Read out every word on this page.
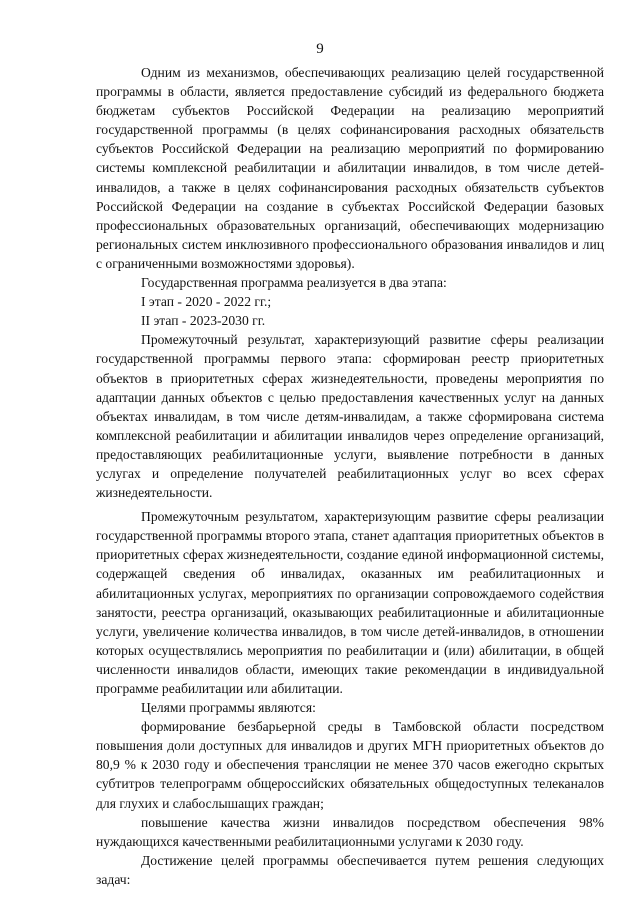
9

Одним из механизмов, обеспечивающих реализацию целей государственной программы в области, является предоставление субсидий из федерального бюджета бюджетам субъектов Российской Федерации на реализацию мероприятий государственной программы (в целях софинансирования расходных обязательств субъектов Российской Федерации на реализацию мероприятий по формированию системы комплексной реабилитации и абилитации инвалидов, в том числе детей-инвалидов, а также в целях софинансирования расходных обязательств субъектов Российской Федерации на создание в субъектах Российской Федерации базовых профессиональных образовательных организаций, обеспечивающих модернизацию региональных систем инклюзивного профессионального образования инвалидов и лиц с ограниченными возможностями здоровья).

Государственная программа реализуется в два этапа:

I этап - 2020 - 2022 гг.;

II этап - 2023-2030 гг.

Промежуточный результат, характеризующий развитие сферы реализации государственной программы первого этапа: сформирован реестр приоритетных объектов в приоритетных сферах жизнедеятельности, проведены мероприятия по адаптации данных объектов с целью предоставления качественных услуг на данных объектах инвалидам, в том числе детям-инвалидам, а также сформирована система комплексной реабилитации и абилитации инвалидов через определение организаций, предоставляющих реабилитационные услуги, выявление потребности в данных услугах и определение получателей реабилитационных услуг во всех сферах жизнедеятельности.

Промежуточным результатом, характеризующим развитие сферы реализации государственной программы второго этапа, станет адаптация приоритетных объектов в приоритетных сферах жизнедеятельности, создание единой информационной системы, содержащей сведения об инвалидах, оказанных им реабилитационных и абилитационных услугах, мероприятиях по организации сопровождаемого содействия занятости, реестра организаций, оказывающих реабилитационные и абилитационные услуги, увеличение количества инвалидов, в том числе детей-инвалидов, в отношении которых осуществлялись мероприятия по реабилитации и (или) абилитации, в общей численности инвалидов области, имеющих такие рекомендации в индивидуальной программе реабилитации или абилитации.

Целями программы являются:

формирование безбарьерной среды в Тамбовской области посредством повышения доли доступных для инвалидов и других МГН приоритетных объектов до 80,9 % к 2030 году и обеспечения трансляции не менее 370 часов ежегодно скрытых субтитров телепрограмм общероссийских обязательных общедоступных телеканалов для глухих и слабослышащих граждан;

повышение качества жизни инвалидов посредством обеспечения 98% нуждающихся качественными реабилитационными услугами к 2030 году.

Достижение целей программы обеспечивается путем решения следующих задач:
